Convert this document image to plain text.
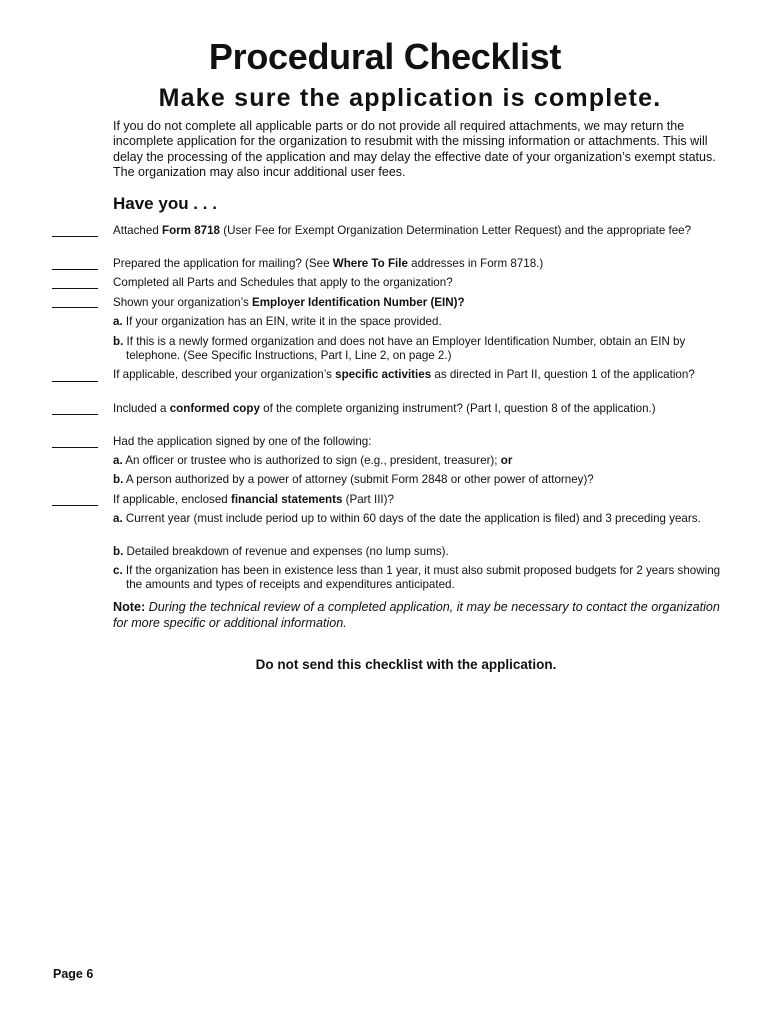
Procedural Checklist
Make sure the application is complete.
If you do not complete all applicable parts or do not provide all required attachments, we may return the incomplete application for the organization to resubmit with the missing information or attachments. This will delay the processing of the application and may delay the effective date of your organization’s exempt status. The organization may also incur additional user fees.
Have you . . .
Attached Form 8718 (User Fee for Exempt Organization Determination Letter Request) and the appropriate fee?
Prepared the application for mailing? (See Where To File addresses in Form 8718.)
Completed all Parts and Schedules that apply to the organization?
Shown your organization’s Employer Identification Number (EIN)?
a. If your organization has an EIN, write it in the space provided.
b. If this is a newly formed organization and does not have an Employer Identification Number, obtain an EIN by telephone. (See Specific Instructions, Part I, Line 2, on page 2.)
If applicable, described your organization’s specific activities as directed in Part II, question 1 of the application?
Included a conformed copy of the complete organizing instrument? (Part I, question 8 of the application.)
Had the application signed by one of the following:
a. An officer or trustee who is authorized to sign (e.g., president, treasurer); or
b. A person authorized by a power of attorney (submit Form 2848 or other power of attorney)?
If applicable, enclosed financial statements (Part III)?
a. Current year (must include period up to within 60 days of the date the application is filed) and 3 preceding years.
b. Detailed breakdown of revenue and expenses (no lump sums).
c. If the organization has been in existence less than 1 year, it must also submit proposed budgets for 2 years showing the amounts and types of receipts and expenditures anticipated.
Note: During the technical review of a completed application, it may be necessary to contact the organization for more specific or additional information.
Do not send this checklist with the application.
Page 6
